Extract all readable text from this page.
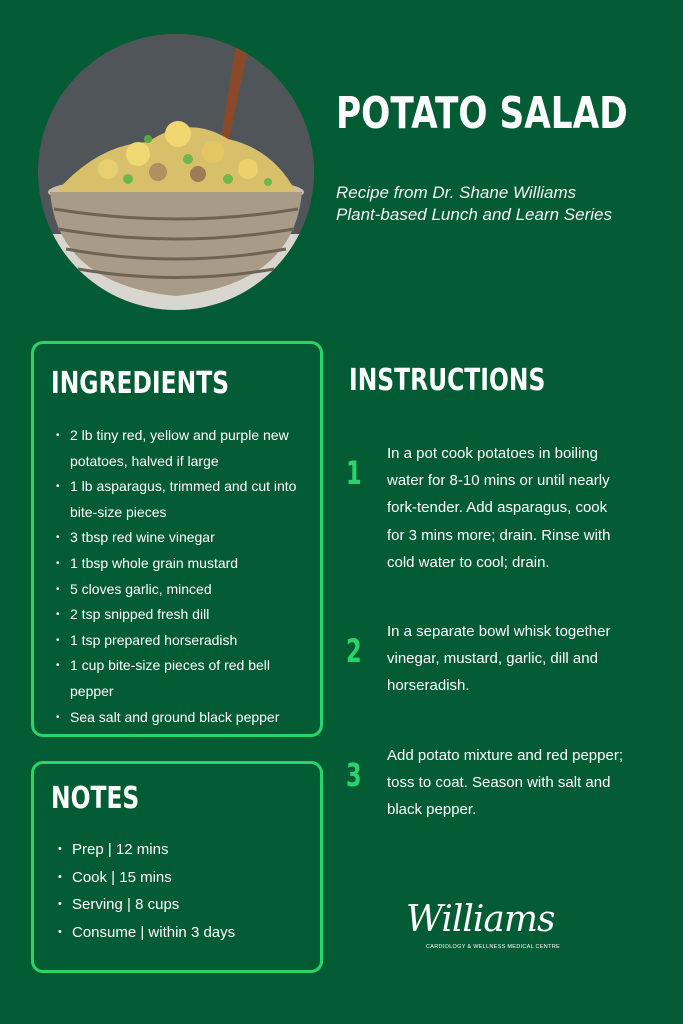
POTATO SALAD
Recipe from Dr. Shane Williams
Plant-based Lunch and Learn Series
INGREDIENTS
• 2 lb tiny red, yellow and purple new potatoes, halved if large
• 1 lb asparagus, trimmed and cut into bite-size pieces
• 3 tbsp red wine vinegar
• 1 tbsp whole grain mustard
• 5 cloves garlic, minced
• 2 tsp snipped fresh dill
• 1 tsp prepared horseradish
• 1 cup bite-size pieces of red bell pepper
• Sea salt and ground black pepper
NOTES
• Prep | 12 mins
• Cook | 15 mins
• Serving | 8 cups
• Consume | within 3 days
INSTRUCTIONS
1
In a pot cook potatoes in boiling water for 8-10 mins or until nearly fork-tender. Add asparagus, cook for 3 mins more; drain. Rinse with cold water to cool; drain.
2
In a separate bowl whisk together vinegar, mustard, garlic, dill and horseradish.
3
Add potato mixture and red pepper; toss to coat. Season with salt and black pepper.
Williams
CARDIOLOGY & WELLNESS MEDICAL CENTRE
